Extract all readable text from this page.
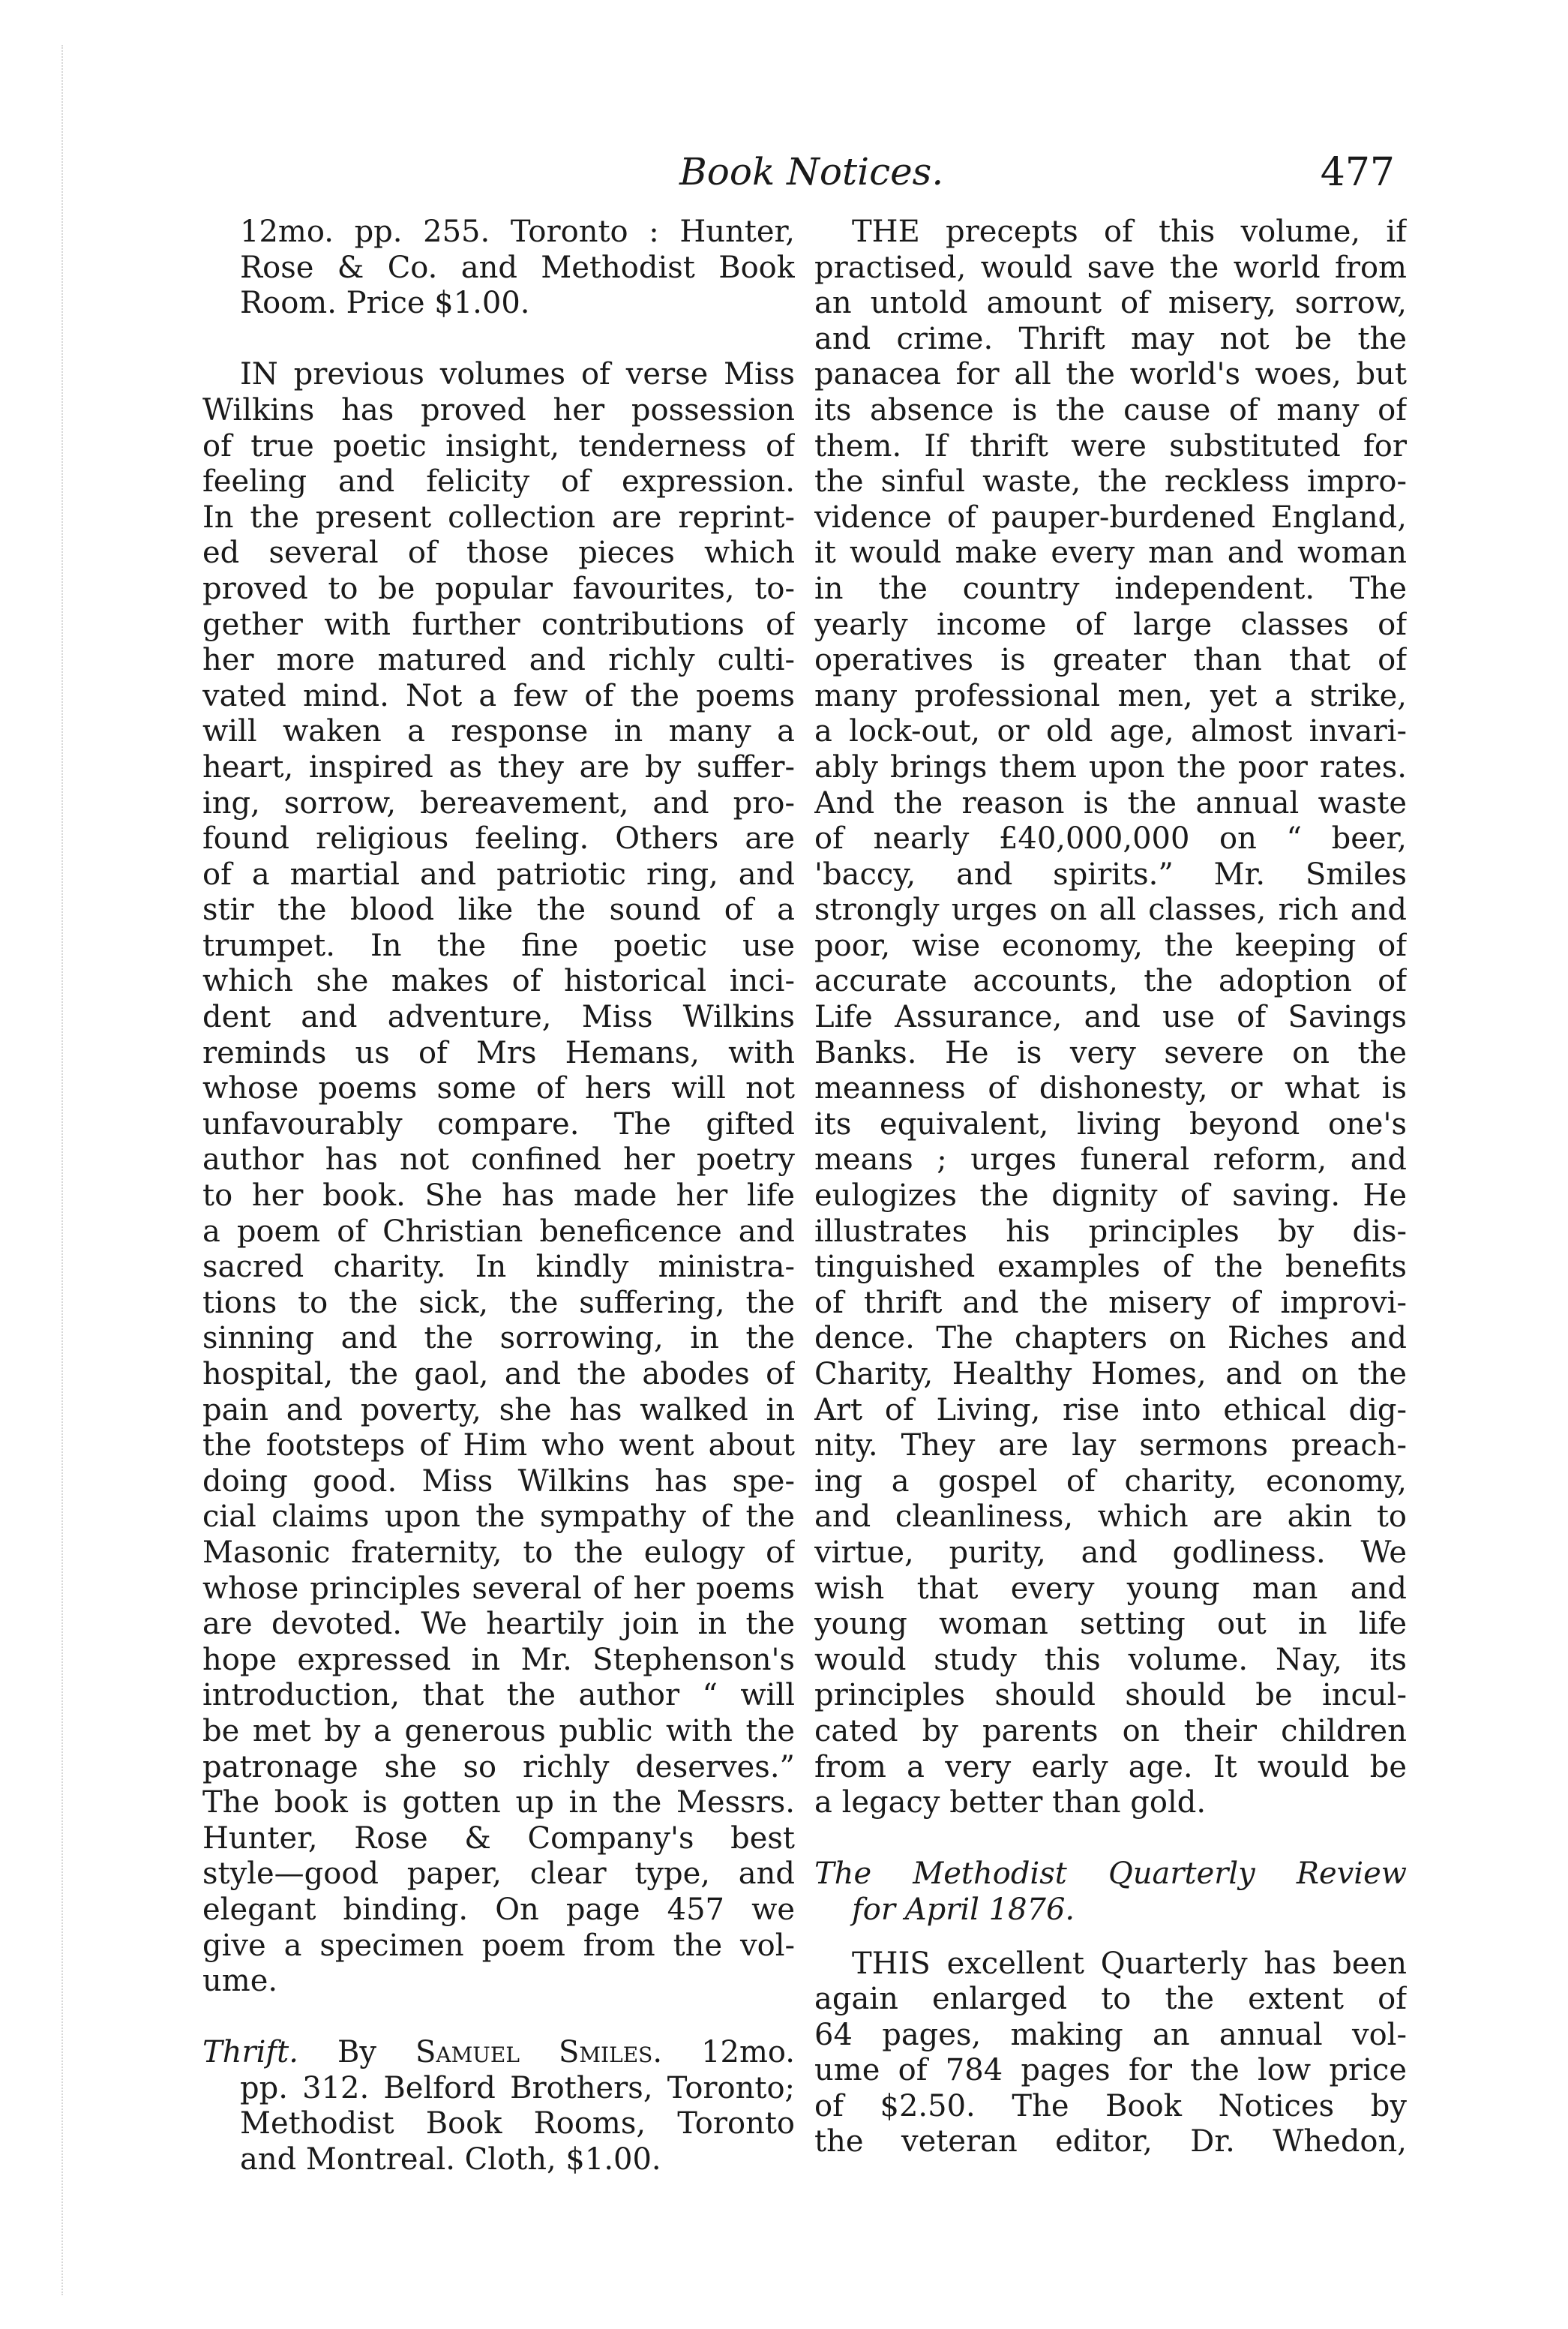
Book Notices.	477
12mo. pp. 255. Toronto : Hunter,
Rose & Co. and Methodist Book
Room. Price $1.00.
IN previous volumes of verse Miss
Wilkins has proved her possession
of true poetic insight, tenderness of
feeling and felicity of expression.
In the present collection are reprint-
ed several of those pieces which
proved to be popular favourites, to-
gether with further contributions of
her more matured and richly culti-
vated mind. Not a few of the poems
will waken a response in many a
heart, inspired as they are by suffer-
ing, sorrow, bereavement, and pro-
found religious feeling. Others are
of a martial and patriotic ring, and
stir the blood like the sound of a
trumpet. In the fine poetic use
which she makes of historical inci-
dent and adventure, Miss Wilkins
reminds us of Mrs Hemans, with
whose poems some of hers will not
unfavourably compare. The gifted
author has not confined her poetry
to her book. She has made her life
a poem of Christian beneficence and
sacred charity. In kindly ministra-
tions to the sick, the suffering, the
sinning and the sorrowing, in the
hospital, the gaol, and the abodes of
pain and poverty, she has walked in
the footsteps of Him who went about
doing good. Miss Wilkins has spe-
cial claims upon the sympathy of the
Masonic fraternity, to the eulogy of
whose principles several of her poems
are devoted. We heartily join in the
hope expressed in Mr. Stephenson's
introduction, that the author “ will
be met by a generous public with the
patronage she so richly deserves.”
The book is gotten up in the Messrs.
Hunter, Rose & Company's best
style—good paper, clear type, and
elegant binding. On page 457 we
give a specimen poem from the vol-
ume.
Thrift. By Samuel Smiles. 12mo.
pp. 312. Belford Brothers, Toronto;
Methodist Book Rooms, Toronto
and Montreal. Cloth, $1.00.
THE precepts of this volume, if
practised, would save the world from
an untold amount of misery, sorrow,
and crime. Thrift may not be the
panacea for all the world's woes, but
its absence is the cause of many of
them. If thrift were substituted for
the sinful waste, the reckless impro-
vidence of pauper-burdened England,
it would make every man and woman
in the country independent. The
yearly income of large classes of
operatives is greater than that of
many professional men, yet a strike,
a lock-out, or old age, almost invari-
ably brings them upon the poor rates.
And the reason is the annual waste
of nearly £40,000,000 on “ beer,
'baccy, and spirits.” Mr. Smiles
strongly urges on all classes, rich and
poor, wise economy, the keeping of
accurate accounts, the adoption of
Life Assurance, and use of Savings
Banks. He is very severe on the
meanness of dishonesty, or what is
its equivalent, living beyond one's
means ; urges funeral reform, and
eulogizes the dignity of saving. He
illustrates his principles by dis-
tinguished examples of the benefits
of thrift and the misery of improvi-
dence. The chapters on Riches and
Charity, Healthy Homes, and on the
Art of Living, rise into ethical dig-
nity. They are lay sermons preach-
ing a gospel of charity, economy,
and cleanliness, which are akin to
virtue, purity, and godliness. We
wish that every young man and
young woman setting out in life
would study this volume. Nay, its
principles should should be incul-
cated by parents on their children
from a very early age. It would be
a legacy better than gold.
The Methodist Quarterly Review
for April 1876.
THIS excellent Quarterly has been
again enlarged to the extent of
64 pages, making an annual vol-
ume of 784 pages for the low price
of $2.50. The Book Notices by
the veteran editor, Dr. Whedon,
